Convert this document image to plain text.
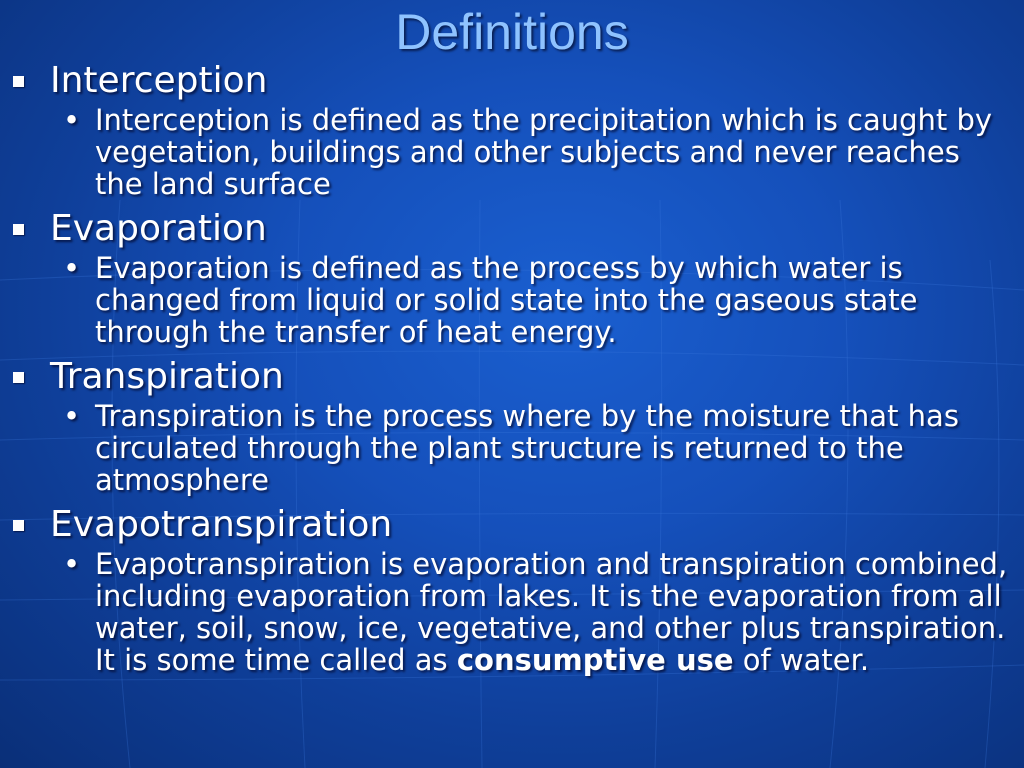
Definitions
Interception
• Interception is defined as the precipitation which is caught by vegetation, buildings and other subjects and never reaches the land surface
Evaporation
• Evaporation is defined as the process by which water is changed from liquid or solid state into the gaseous state through the transfer of heat energy.
Transpiration
• Transpiration is the process where by the moisture that has circulated through the plant structure is returned to the atmosphere
Evapotranspiration
• Evapotranspiration is evaporation and transpiration combined, including evaporation from lakes. It is the evaporation from all water, soil, snow, ice, vegetative, and other plus transpiration. It is some time called as consumptive use of water.
